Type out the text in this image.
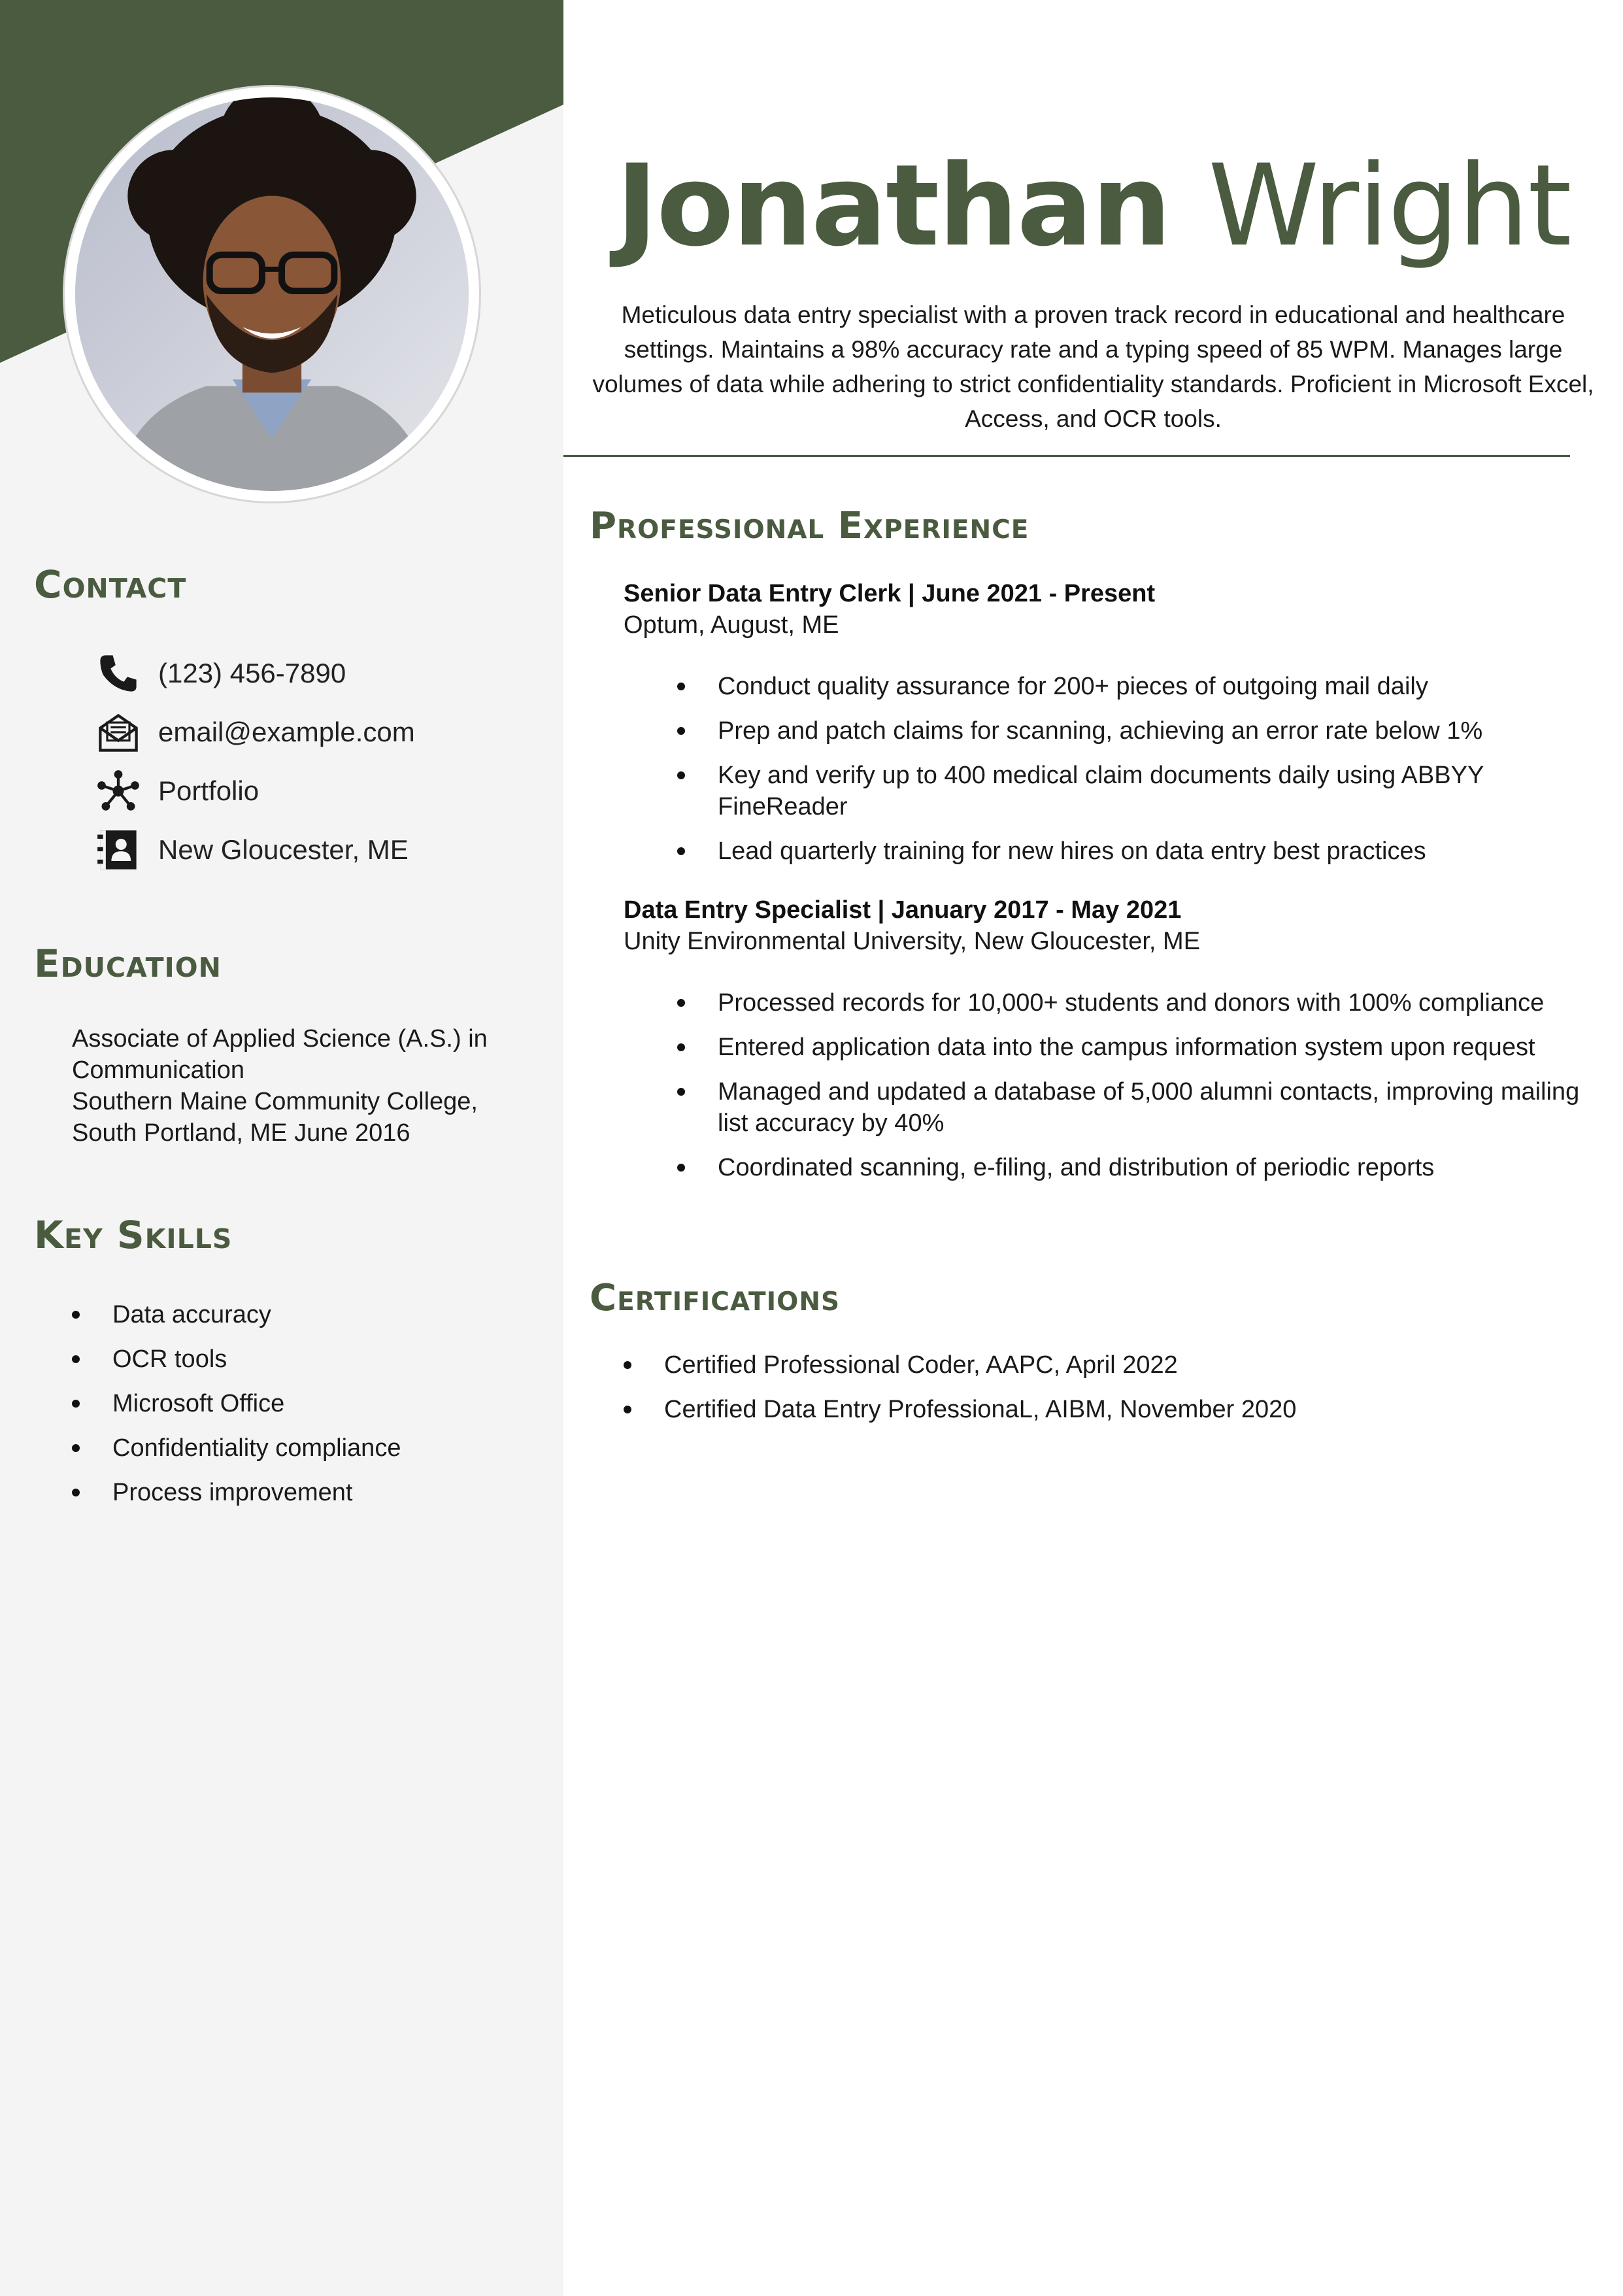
Contact
(123) 456-7890
email@example.com
Portfolio
New Gloucester, ME
Education
Associate of Applied Science (A.S.) in Communication
Southern Maine Community College, South Portland, ME June 2016
Key Skills
Data accuracy
OCR tools
Microsoft Office
Confidentiality compliance
Process improvement
Jonathan Wright

Meticulous data entry specialist with a proven track record in educational and healthcare settings. Maintains a 98% accuracy rate and a typing speed of 85 WPM. Manages large volumes of data while adhering to strict confidentiality standards. Proficient in Microsoft Excel, Access, and OCR tools.

Professional Experience
Senior Data Entry Clerk | June 2021 - Present
Optum, August, ME
Conduct quality assurance for 200+ pieces of outgoing mail daily
Prep and patch claims for scanning, achieving an error rate below 1%
Key and verify up to 400 medical claim documents daily using ABBYY FineReader
Lead quarterly training for new hires on data entry best practices
Data Entry Specialist | January 2017 - May 2021
Unity Environmental University, New Gloucester, ME
Processed records for 10,000+ students and donors with 100% compliance
Entered application data into the campus information system upon request
Managed and updated a database of 5,000 alumni contacts, improving mailing list accuracy by 40%
Coordinated scanning, e-filing, and distribution of periodic reports
Certifications
Certified Professional Coder, AAPC, April 2022
Certified Data Entry ProfessionaL, AIBM, November 2020
